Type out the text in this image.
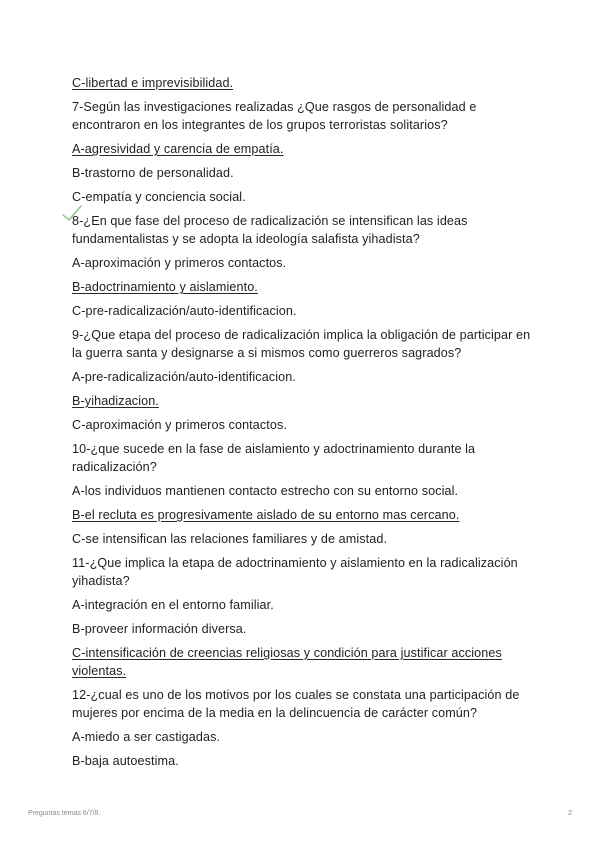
C-libertad e imprevisibilidad.

7-Según las investigaciones realizadas ¿Que rasgos de personalidad e encontraron en los integrantes de los grupos terroristas solitarios?

A-agresividad y carencia de empatía.

B-trastorno de personalidad.

C-empatía y conciencia social.

8-¿En que fase del proceso de radicalización se intensifican las ideas fundamentalistas y se adopta la ideología salafista yihadista?

A-aproximación y primeros contactos.

B-adoctrinamiento y aislamiento.

C-pre-radicalización/auto-identificacion.

9-¿Que etapa del proceso de radicalización implica la obligación de participar en la guerra santa y designarse a si mismos como guerreros sagrados?

A-pre-radicalización/auto-identificacion.

B-yihadizacion.

C-aproximación y primeros contactos.

10-¿que sucede en la fase de aislamiento y adoctrinamiento durante la radicalización?

A-los individuos mantienen contacto estrecho con su entorno social.

B-el recluta es progresivamente aislado de su entorno mas cercano.

C-se intensifican las relaciones familiares y de amistad.

11-¿Que implica la etapa de adoctrinamiento y aislamiento en la radicalización yihadista?

A-integración en el entorno familiar.

B-proveer información diversa.

C-intensificación de creencias religiosas y condición para justificar acciones violentas.

12-¿cual es uno de los motivos por los cuales se constata una participación de mujeres por encima de la media en la delincuencia de carácter común?

A-miedo a ser castigadas.

B-baja autoestima.

Preguntas temas 6/7/8.	2
